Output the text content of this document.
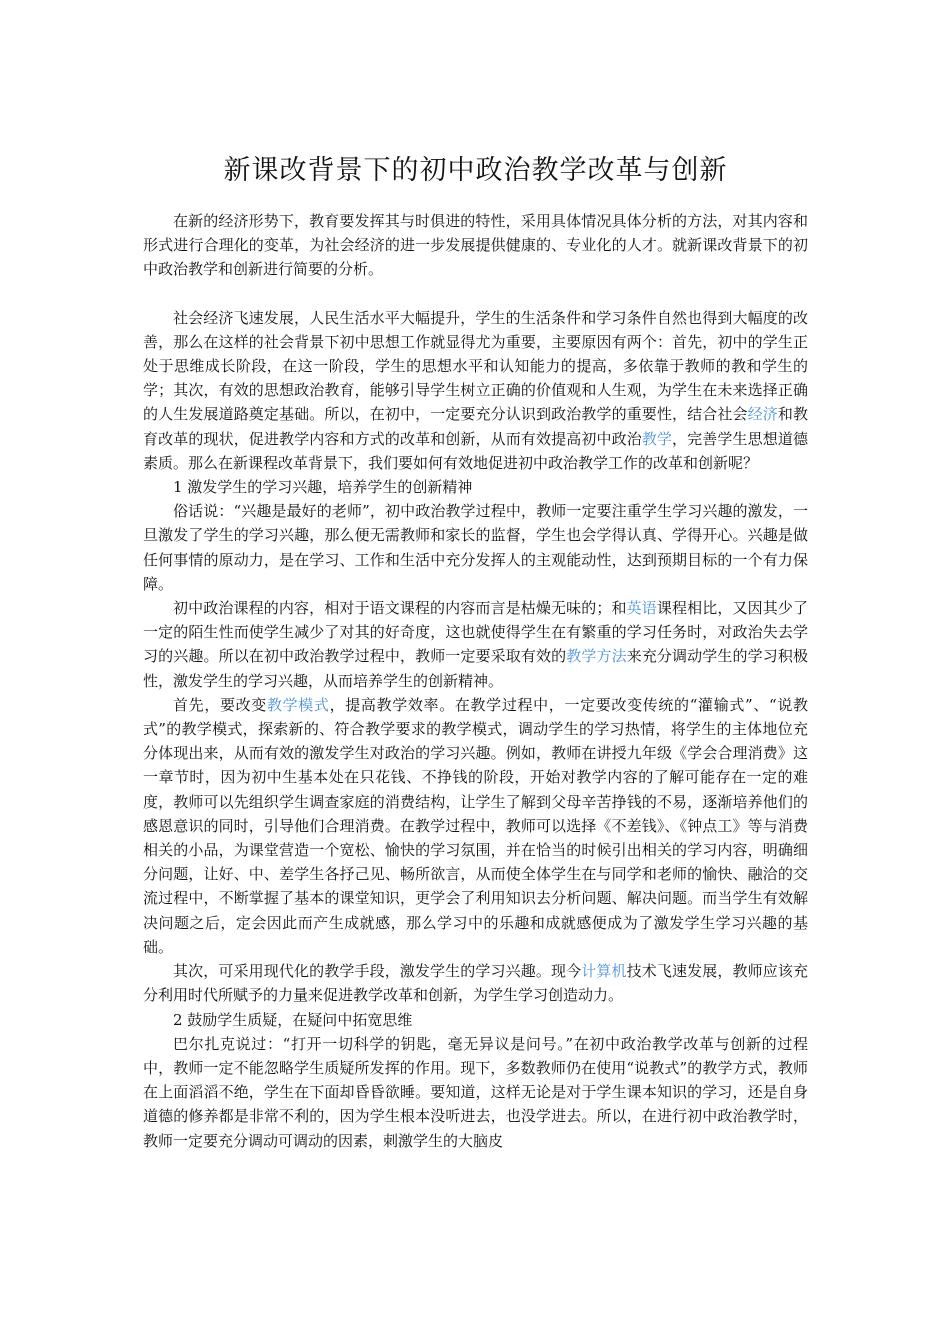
新课改背景下的初中政治教学改革与创新

在新的经济形势下，教育要发挥其与时俱进的特性，采用具体情况具体分析的方法，对其内容和形式进行合理化的变革，为社会经济的进一步发展提供健康的、专业化的人才。就新课改背景下的初中政治教学和创新进行简要的分析。

社会经济飞速发展，人民生活水平大幅提升，学生的生活条件和学习条件自然也得到大幅度的改善，那么在这样的社会背景下初中思想工作就显得尤为重要，主要原因有两个：首先，初中的学生正处于思维成长阶段，在这一阶段，学生的思想水平和认知能力的提高，多依靠于教师的教和学生的学；其次，有效的思想政治教育，能够引导学生树立正确的价值观和人生观，为学生在未来选择正确的人生发展道路奠定基础。所以，在初中，一定要充分认识到政治教学的重要性，结合社会经济和教育改革的现状，促进教学内容和方式的改革和创新，从而有效提高初中政治教学，完善学生思想道德素质。那么在新课程改革背景下，我们要如何有效地促进初中政治教学工作的改革和创新呢？

1 激发学生的学习兴趣，培养学生的创新精神

俗话说：“兴趣是最好的老师”，初中政治教学过程中，教师一定要注重学生学习兴趣的激发，一旦激发了学生的学习兴趣，那么便无需教师和家长的监督，学生也会学得认真、学得开心。兴趣是做任何事情的原动力，是在学习、工作和生活中充分发挥人的主观能动性，达到预期目标的一个有力保障。

初中政治课程的内容，相对于语文课程的内容而言是枯燥无味的；和英语课程相比，又因其少了一定的陌生性而使学生减少了对其的好奇度，这也就使得学生在有繁重的学习任务时，对政治失去学习的兴趣。所以在初中政治教学过程中，教师一定要采取有效的教学方法来充分调动学生的学习积极性，激发学生的学习兴趣，从而培养学生的创新精神。

首先，要改变教学模式，提高教学效率。在教学过程中，一定要改变传统的“灌输式”、“说教式”的教学模式，探索新的、符合教学要求的教学模式，调动学生的学习热情，将学生的主体地位充分体现出来，从而有效的激发学生对政治的学习兴趣。例如，教师在讲授九年级《学会合理消费》这一章节时，因为初中生基本处在只花钱、不挣钱的阶段，开始对教学内容的了解可能存在一定的难度，教师可以先组织学生调查家庭的消费结构，让学生了解到父母辛苦挣钱的不易，逐渐培养他们的感恩意识的同时，引导他们合理消费。在教学过程中，教师可以选择《不差钱》、《钟点工》等与消费相关的小品，为课堂营造一个宽松、愉快的学习氛围，并在恰当的时候引出相关的学习内容，明确细分问题，让好、中、差学生各抒己见、畅所欲言，从而使全体学生在与同学和老师的愉快、融洽的交流过程中，不断掌握了基本的课堂知识，更学会了利用知识去分析问题、解决问题。而当学生有效解决问题之后，定会因此而产生成就感，那么学习中的乐趣和成就感便成为了激发学生学习兴趣的基础。

其次，可采用现代化的教学手段，激发学生的学习兴趣。现今计算机技术飞速发展，教师应该充分利用时代所赋予的力量来促进教学改革和创新，为学生学习创造动力。

2 鼓励学生质疑，在疑问中拓宽思维

巴尔扎克说过：“打开一切科学的钥匙，毫无异议是问号。”在初中政治教学改革与创新的过程中，教师一定不能忽略学生质疑所发挥的作用。现下，多数教师仍在使用“说教式”的教学方式，教师在上面滔滔不绝，学生在下面却昏昏欲睡。要知道，这样无论是对于学生课本知识的学习，还是自身道德的修养都是非常不利的，因为学生根本没听进去，也没学进去。所以，在进行初中政治教学时，教师一定要充分调动可调动的因素，刺激学生的大脑皮
